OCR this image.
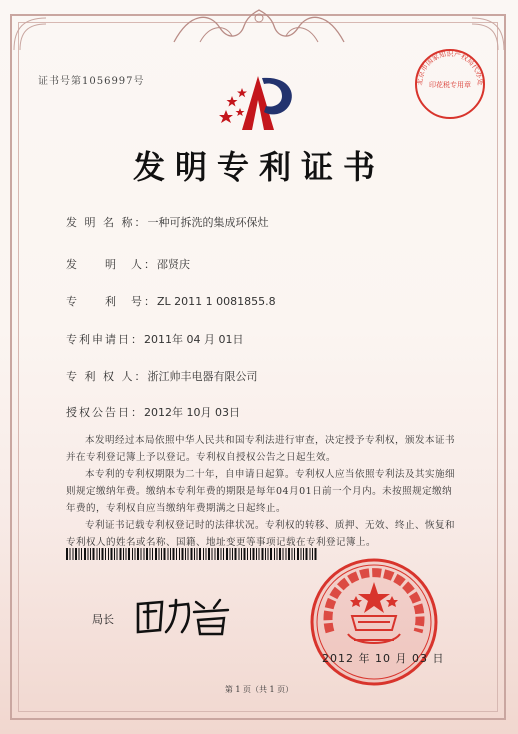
证书号第1056997号	北京市国家知识产权局代办处
印花税专用章
发明专利证书
发 明 名 称：一种可拆洗的集成环保灶
发　　明　人：邵贤庆
专　　利　号：ZL 2011 1 0081855.8
专利申请日：2011年 04 月 01日
专 利 权 人：浙江帅丰电器有限公司
授权公告日：2012年 10月 03日
本发明经过本局依照中华人民共和国专利法进行审查，决定授予专利权，颁发本证书并在专利登记簿上予以登记。专利权自授权公告之日起生效。
本专利的专利权期限为二十年，自申请日起算。专利权人应当依照专利法及其实施细则规定缴纳年费。缴纳本专利年费的期限是每年04月01日前一个月内。未按照规定缴纳年费的，专利权自应当缴纳年费期满之日起终止。
专利证书记载专利权登记时的法律状况。专利权的转移、质押、无效、终止、恢复和专利权人的姓名或名称、国籍、地址变更等事项记载在专利登记簿上。
局长
2012 年 10 月 03 日
第 1 页（共 1 页）
